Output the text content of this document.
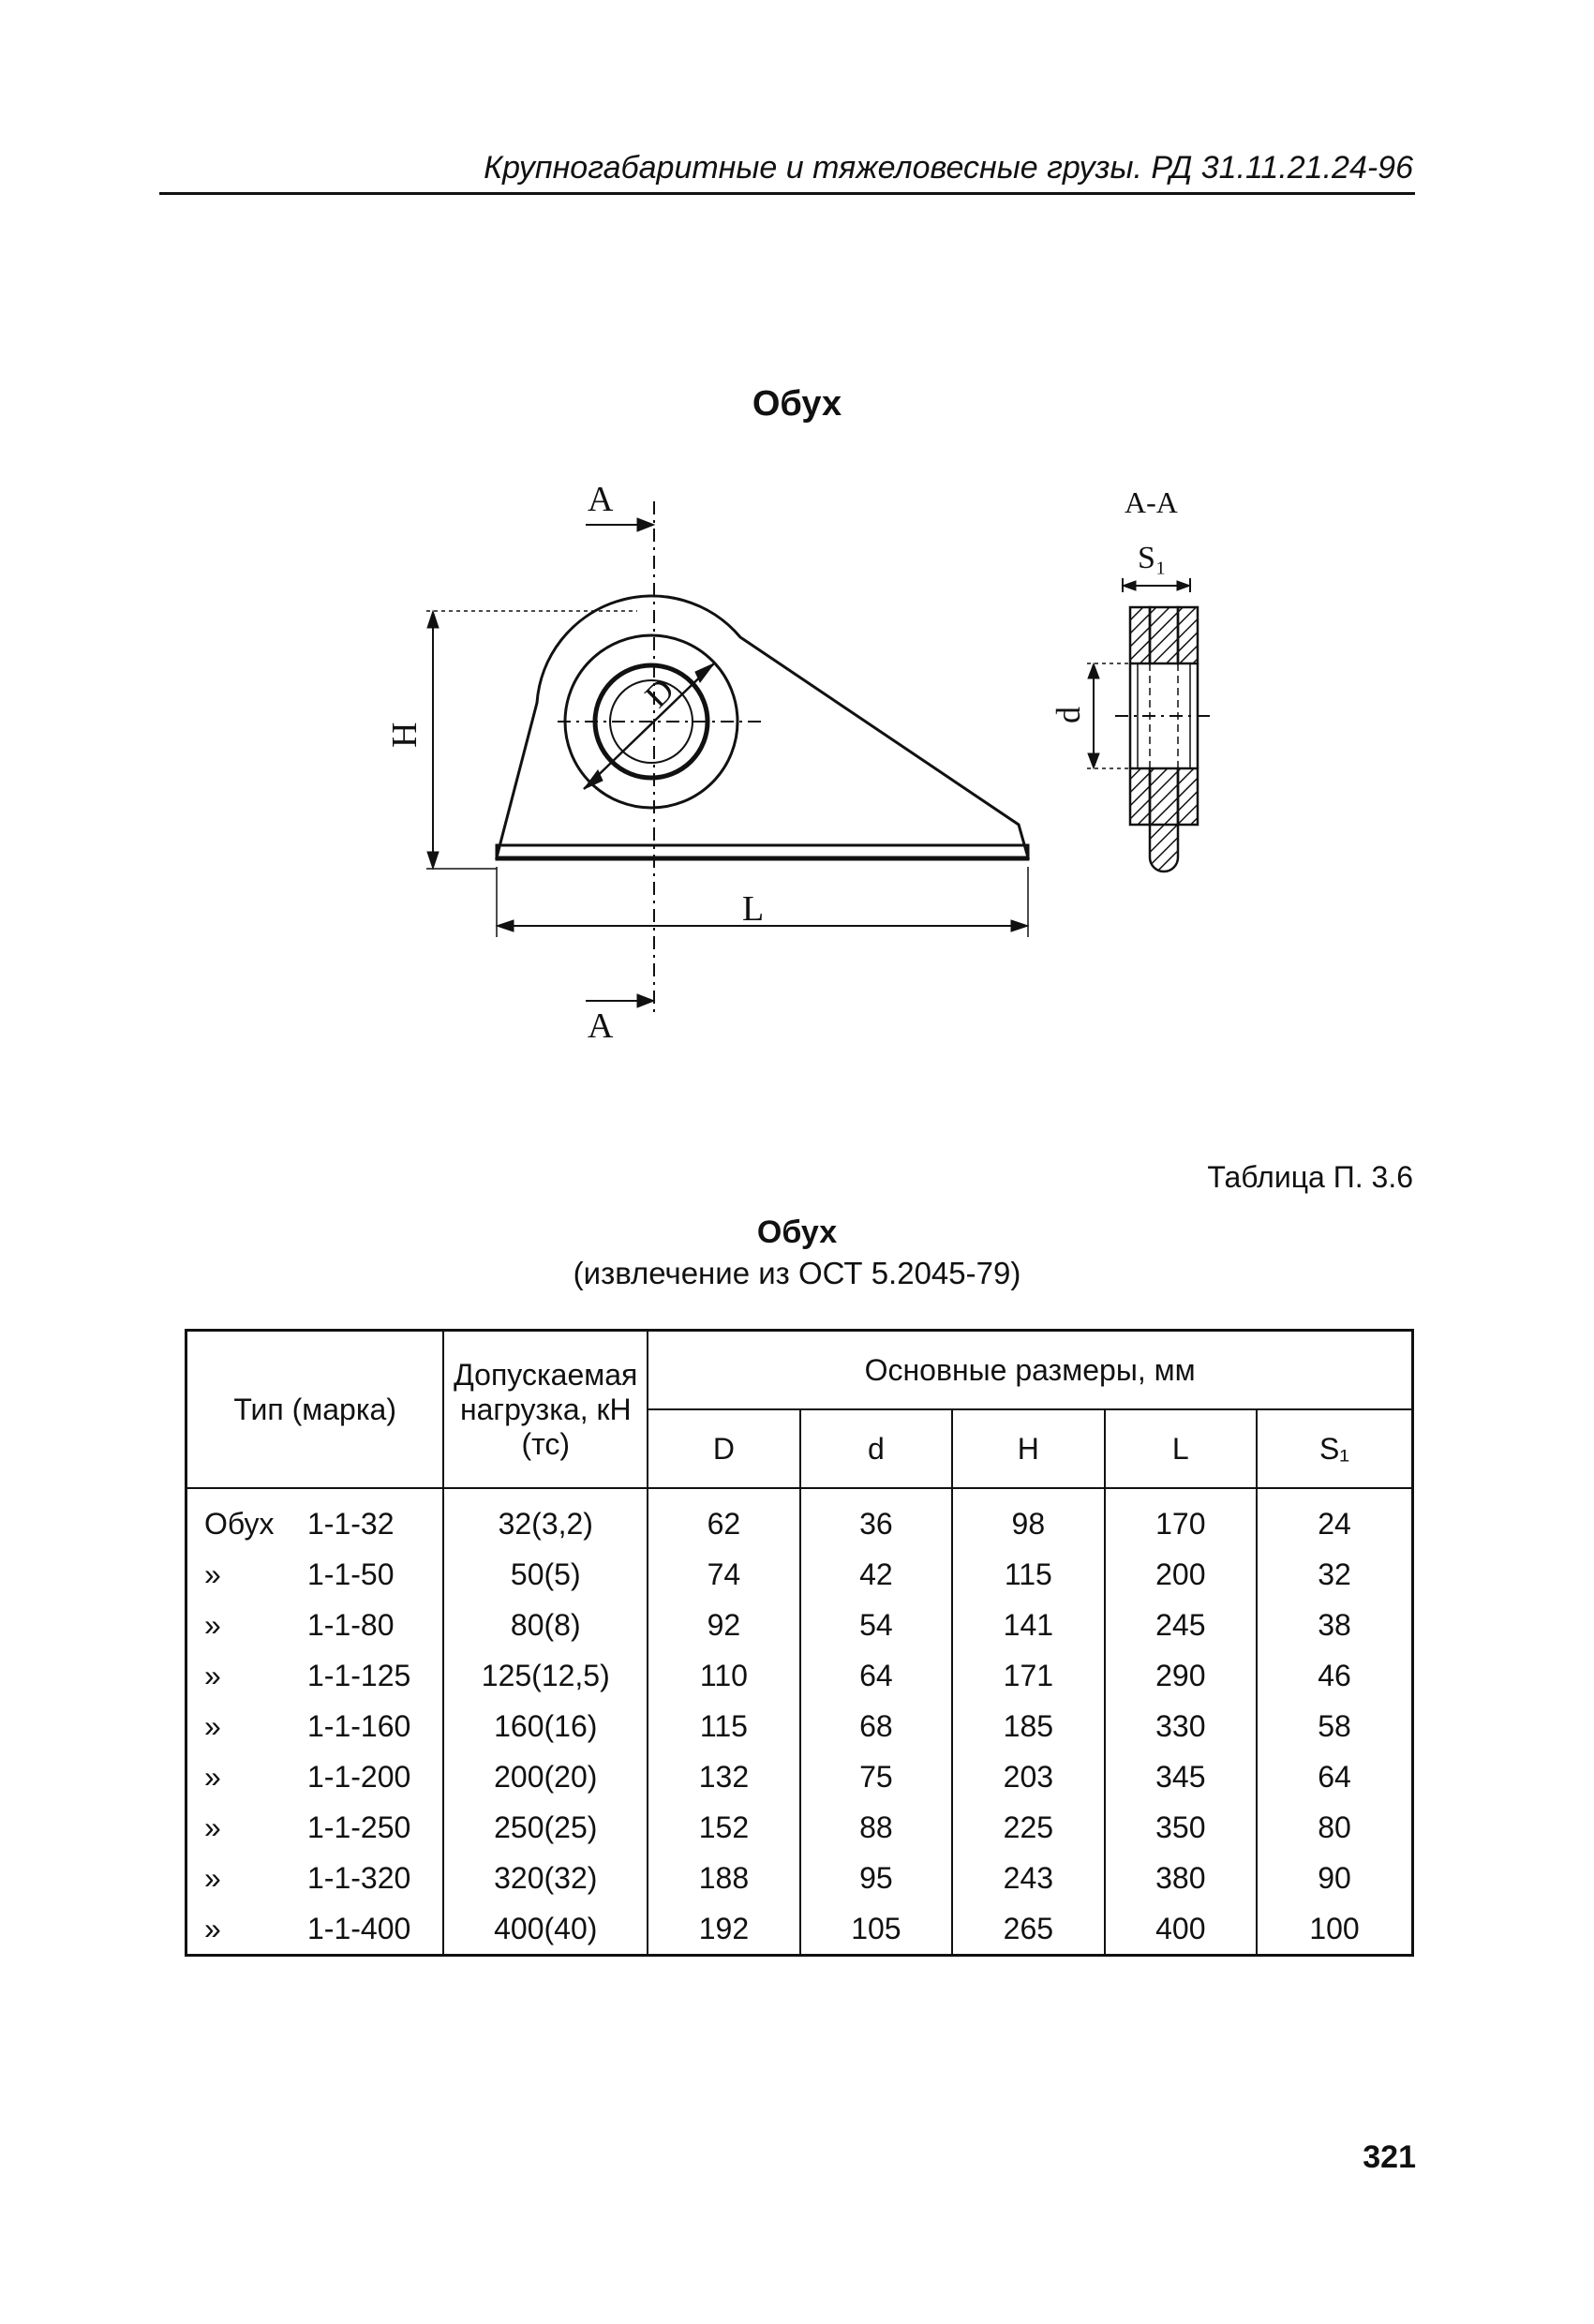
Крупногабаритные и тяжеловесные грузы. РД 31.11.21.24-96
Обух
A
A
L
H
D
A-A
S₁
d
Таблица П. 3.6
Обух
(извлечение из ОСТ 5.2045-79)
Тип (марка)	Допускаемая нагрузка, кН (тс)	Основные размеры, мм				
		D	d	H	L	S₁
Обух 1-1-32	32(3,2)	62	36	98	170	24
» 1-1-50	50(5)	74	42	115	200	32
» 1-1-80	80(8)	92	54	141	245	38
» 1-1-125	125(12,5)	110	64	171	290	46
» 1-1-160	160(16)	115	68	185	330	58
» 1-1-200	200(20)	132	75	203	345	64
» 1-1-250	250(25)	152	88	225	350	80
» 1-1-320	320(32)	188	95	243	380	90
» 1-1-400	400(40)	192	105	265	400	100
321
